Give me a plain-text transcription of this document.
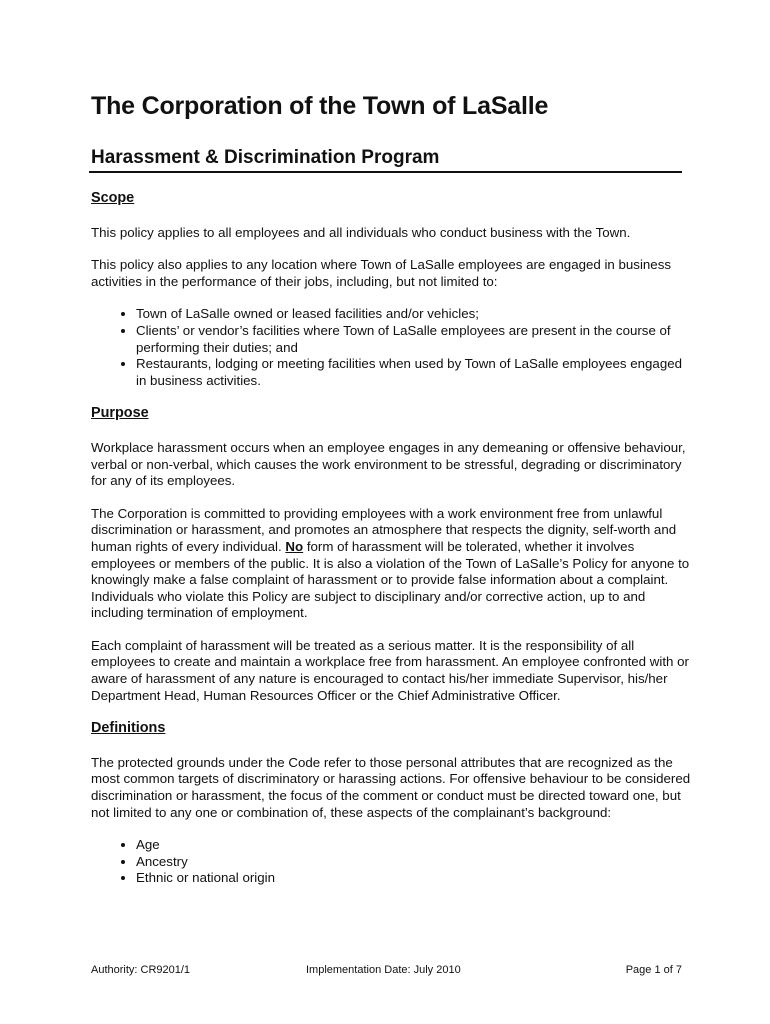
The Corporation of the Town of LaSalle
Harassment & Discrimination Program
Scope

This policy applies to all employees and all individuals who conduct business with the Town.

This policy also applies to any location where Town of LaSalle employees are engaged in business activities in the performance of their jobs, including, but not limited to:

• Town of LaSalle owned or leased facilities and/or vehicles;
• Clients’ or vendor’s facilities where Town of LaSalle employees are present in the course of performing their duties; and
• Restaurants, lodging or meeting facilities when used by Town of LaSalle employees engaged in business activities.
Purpose

Workplace harassment occurs when an employee engages in any demeaning or offensive behaviour, verbal or non-verbal, which causes the work environment to be stressful, degrading or discriminatory for any of its employees.

The Corporation is committed to providing employees with a work environment free from unlawful discrimination or harassment, and promotes an atmosphere that respects the dignity, self-worth and human rights of every individual. No form of harassment will be tolerated, whether it involves employees or members of the public. It is also a violation of the Town of LaSalle’s Policy for anyone to knowingly make a false complaint of harassment or to provide false information about a complaint. Individuals who violate this Policy are subject to disciplinary and/or corrective action, up to and including termination of employment.

Each complaint of harassment will be treated as a serious matter. It is the responsibility of all employees to create and maintain a workplace free from harassment. An employee confronted with or aware of harassment of any nature is encouraged to contact his/her immediate Supervisor, his/her Department Head, Human Resources Officer or the Chief Administrative Officer.

Definitions

The protected grounds under the Code refer to those personal attributes that are recognized as the most common targets of discriminatory or harassing actions. For offensive behaviour to be considered discrimination or harassment, the focus of the comment or conduct must be directed toward one, but not limited to any one or combination of, these aspects of the complainant’s background:

• Age
• Ancestry
• Ethnic or national origin
Authority: CR9201/1	Implementation Date: July 2010	Page 1 of 7
